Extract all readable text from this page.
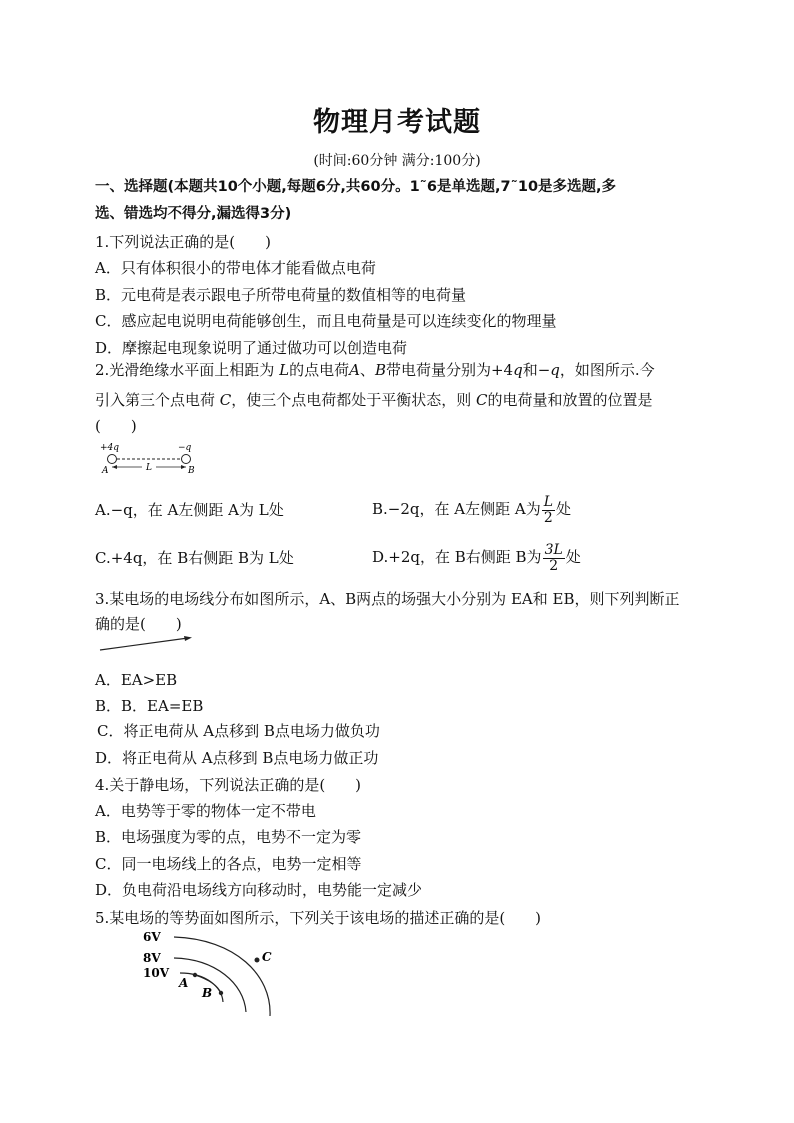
物理月考试题
(时间:60分钟 满分:100分)
一、选择题(本题共10个小题,每题6分,共60分。1˜6是单选题,7˜10是多选题,多
选、错选均不得分,漏选得3分)
1.下列说法正确的是(　　)
A．只有体积很小的带电体才能看做点电荷
B．元电荷是表示跟电子所带电荷量的数值相等的电荷量
C．感应起电说明电荷能够创生，而且电荷量是可以连续变化的物理量
D．摩擦起电现象说明了通过做功可以创造电荷
2.光滑绝缘水平面上相距为 L的点电荷A、B带电荷量分别为+4q和−q，如图所示.今
引入第三个点电荷 C，使三个点电荷都处于平衡状态，则 C的电荷量和放置的位置是
(　　)
+4q	−q
L
A	B
A.−q，在 A左侧距 A为 L处	B.−2q，在 A左侧距 A为 $\frac{L}{2}$ 处
C.+4q，在 B右侧距 B为 L处	D.+2q，在 B右侧距 B为 $\frac{3L}{2}$ 处
3.某电场的电场线分布如图所示，A、B两点的场强大小分别为 EA和 EB，则下列判断正
确的是(　　)
A．EA>EB
B．B．EA=EB
C．将正电荷从 A点移到 B点电场力做负功
D．将正电荷从 A点移到 B点电场力做正功
4.关于静电场，下列说法正确的是(　　)
A．电势等于零的物体一定不带电
B．电场强度为零的点，电势不一定为零
C．同一电场线上的各点，电势一定相等
D．负电荷沿电场线方向移动时，电势能一定减少
5.某电场的等势面如图所示，下列关于该电场的描述正确的是(　　)
6V
8V
10V
A
B
C
